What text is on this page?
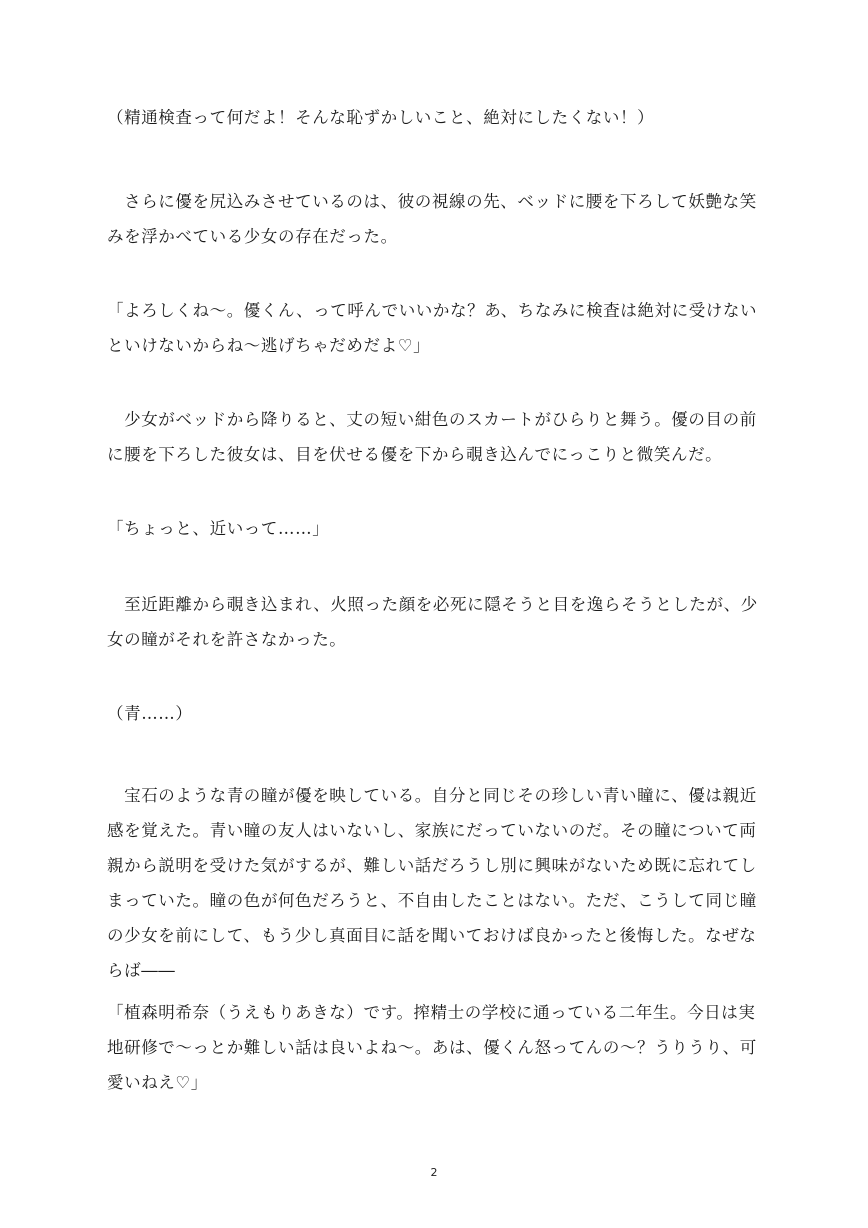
（精通検査って何だよ！そんな恥ずかしいこと、絶対にしたくない！）

　さらに優を尻込みさせているのは、彼の視線の先、ベッドに腰を下ろして妖艶な笑
みを浮かべている少女の存在だった。

「よろしくね～。優くん、って呼んでいいかな？あ、ちなみに検査は絶対に受けない
といけないからね～逃げちゃだめだよ♡」

　少女がベッドから降りると、丈の短い紺色のスカートがひらりと舞う。優の目の前
に腰を下ろした彼女は、目を伏せる優を下から覗き込んでにっこりと微笑んだ。

「ちょっと、近いって……」

　至近距離から覗き込まれ、火照った顔を必死に隠そうと目を逸らそうとしたが、少
女の瞳がそれを許さなかった。

（青……）

　宝石のような青の瞳が優を映している。自分と同じその珍しい青い瞳に、優は親近
感を覚えた。青い瞳の友人はいないし、家族にだっていないのだ。その瞳について両
親から説明を受けた気がするが、難しい話だろうし別に興味がないため既に忘れてし
まっていた。瞳の色が何色だろうと、不自由したことはない。ただ、こうして同じ瞳
の少女を前にして、もう少し真面目に話を聞いておけば良かったと後悔した。なぜな
らば――

「植森明希奈（うえもりあきな）です。搾精士の学校に通っている二年生。今日は実
地研修で～っとか難しい話は良いよね～。あは、優くん怒ってんの～？うりうり、可
愛いねえ♡」

2
